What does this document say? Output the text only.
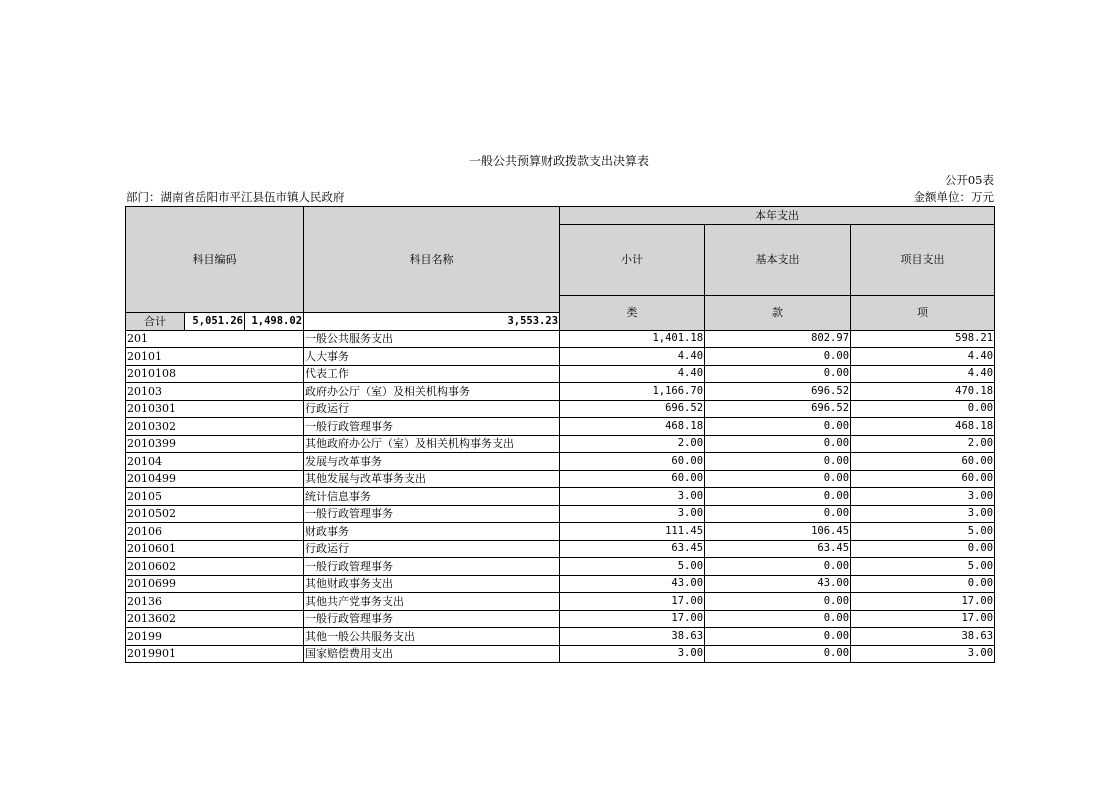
一般公共预算财政拨款支出决算表
公开05表
部门：湖南省岳阳市平江县伍市镇人民政府	金额单位：万元
科目编码			科目名称	本年支出			
				小计	基本支出	项目支出	
				类	款	项				
合计	5,051.26	1,498.02	3,553.23				
201			一般公共服务支出	1,401.18	802.97	598.21	
20101			人大事务	4.40	0.00	4.40	
2010108			代表工作	4.40	0.00	4.40	
20103			政府办公厅（室）及相关机构事务	1,166.70	696.52	470.18	
2010301			行政运行	696.52	696.52	0.00	
2010302			一般行政管理事务	468.18	0.00	468.18	
2010399			其他政府办公厅（室）及相关机构事务支出	2.00	0.00	2.00	
20104			发展与改革事务	60.00	0.00	60.00	
2010499			其他发展与改革事务支出	60.00	0.00	60.00	
20105			统计信息事务	3.00	0.00	3.00	
2010502			一般行政管理事务	3.00	0.00	3.00	
20106			财政事务	111.45	106.45	5.00	
2010601			行政运行	63.45	63.45	0.00	
2010602			一般行政管理事务	5.00	0.00	5.00	
2010699			其他财政事务支出	43.00	43.00	0.00	
20136			其他共产党事务支出	17.00	0.00	17.00	
2013602			一般行政管理事务	17.00	0.00	17.00	
20199			其他一般公共服务支出	38.63	0.00	38.63	
2019901			国家赔偿费用支出	3.00	0.00	3.00	
